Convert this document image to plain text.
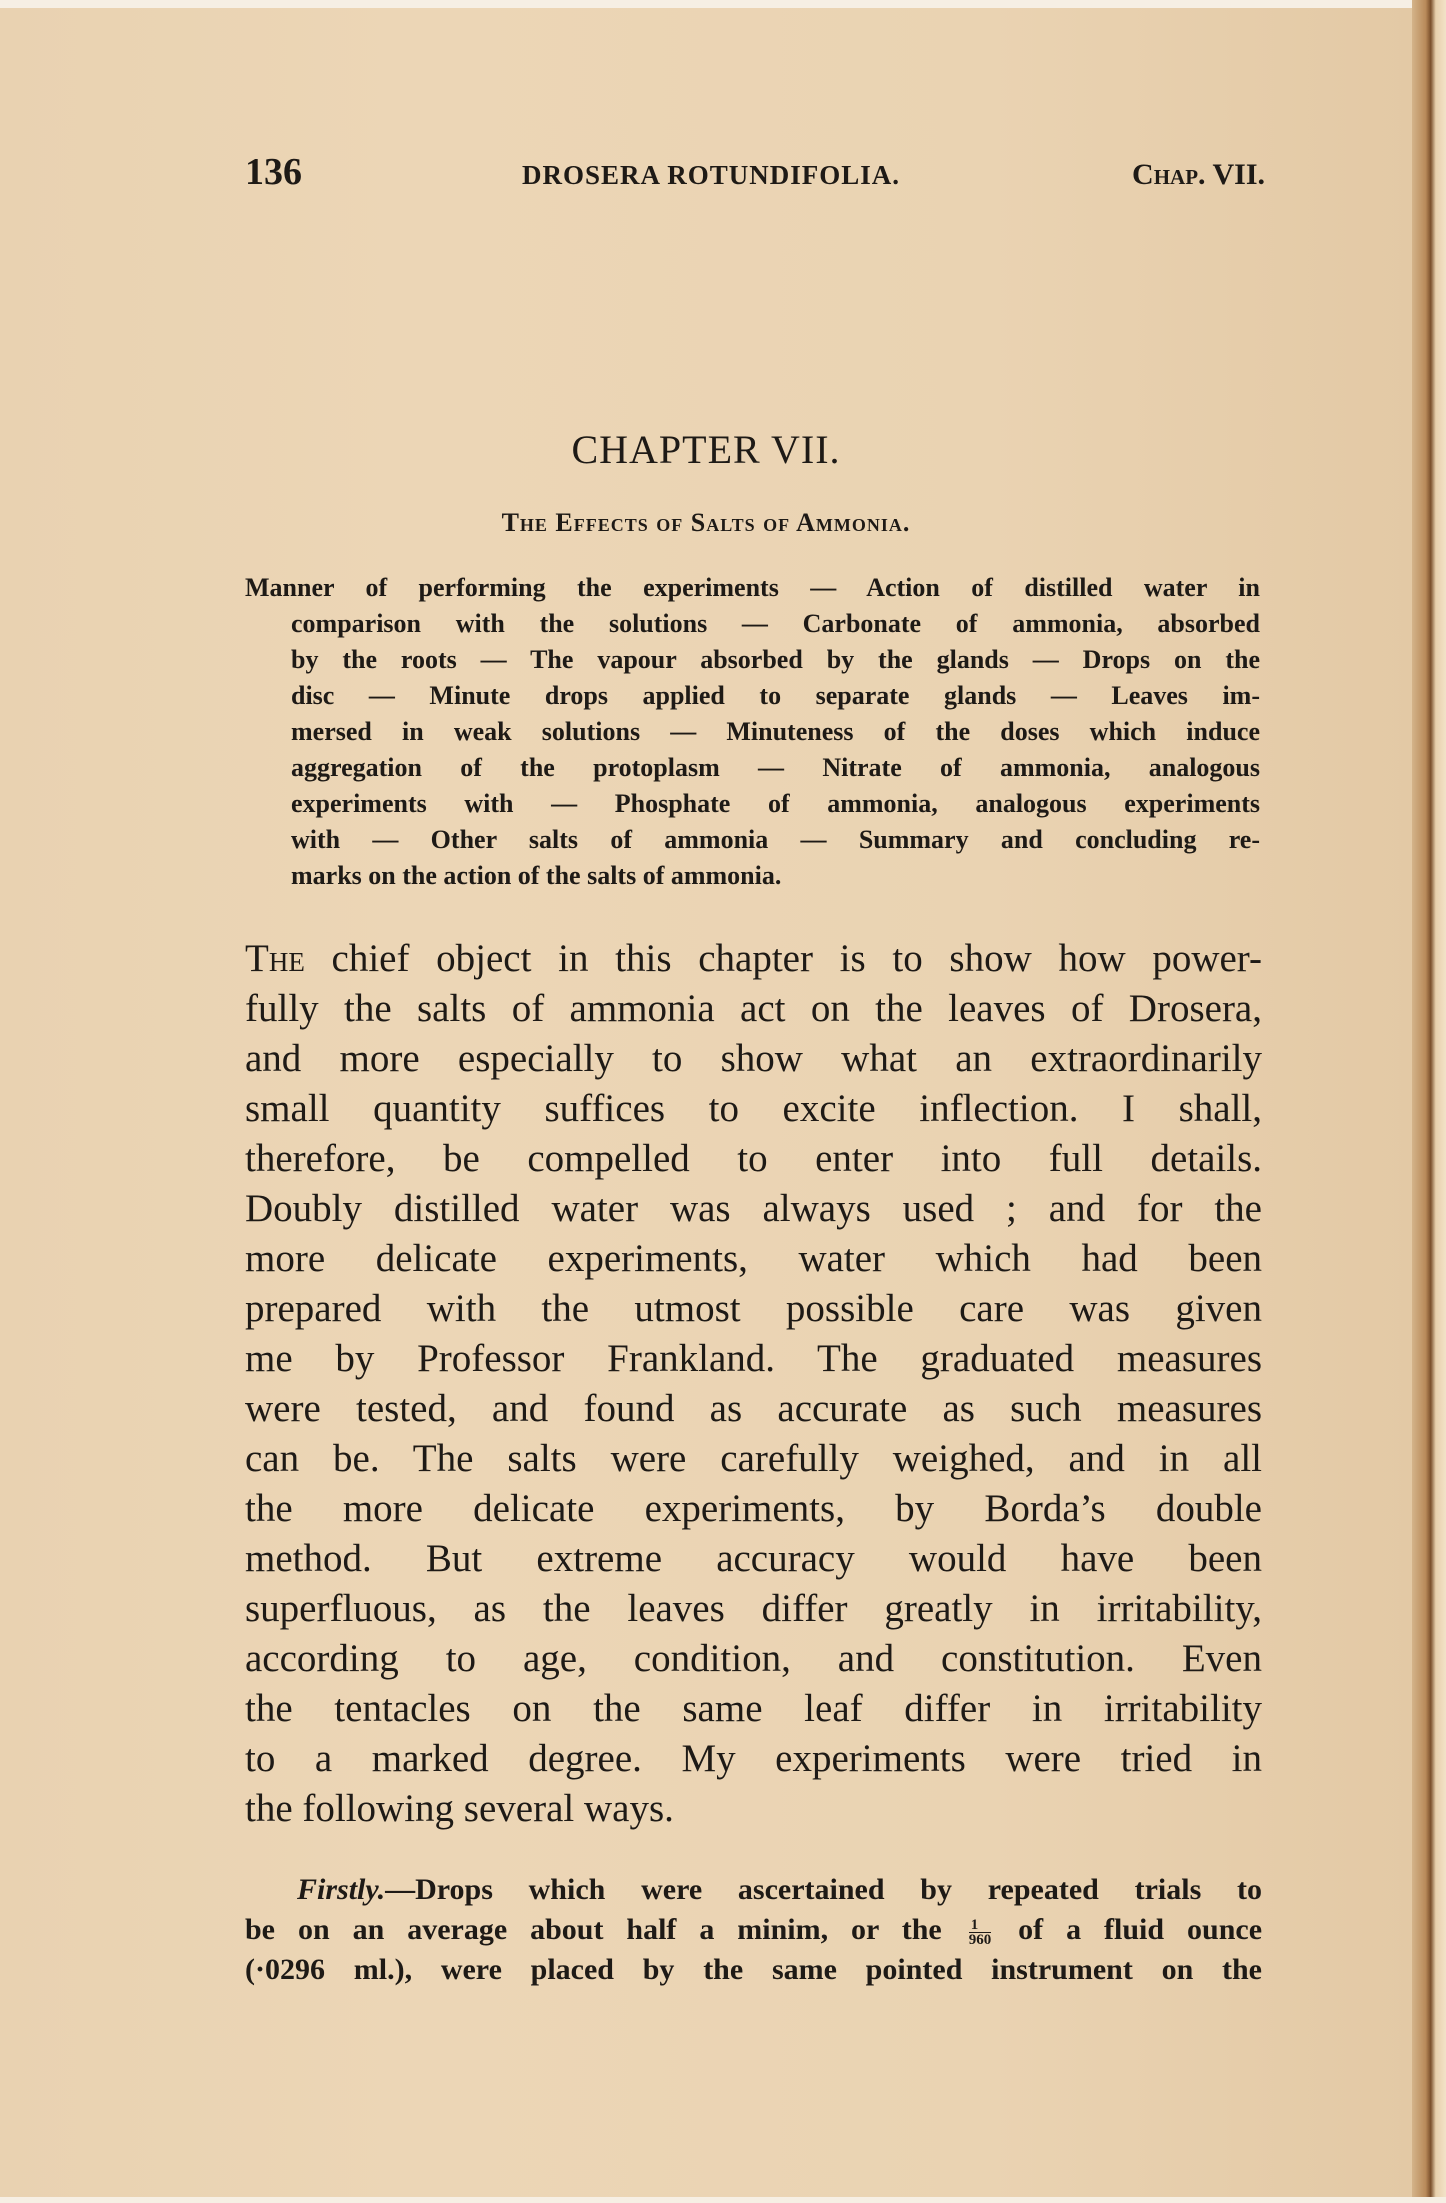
136	DROSERA ROTUNDIFOLIA.	Chap. VII.
CHAPTER VII.
The Effects of Salts of Ammonia.
Manner of performing the experiments — Action of distilled water in
comparison with the solutions — Carbonate of ammonia, absorbed
by the roots — The vapour absorbed by the glands — Drops on the
disc — Minute drops applied to separate glands — Leaves im-
mersed in weak solutions — Minuteness of the doses which induce
aggregation of the protoplasm — Nitrate of ammonia, analogous
experiments with — Phosphate of ammonia, analogous experiments
with — Other salts of ammonia — Summary and concluding re-
marks on the action of the salts of ammonia.
The chief object in this chapter is to show how power-
fully the salts of ammonia act on the leaves of Drosera,
and more especially to show what an extraordinarily
small quantity suffices to excite inflection. I shall,
therefore, be compelled to enter into full details.
Doubly distilled water was always used ; and for the
more delicate experiments, water which had been
prepared with the utmost possible care was given
me by Professor Frankland. The graduated measures
were tested, and found as accurate as such measures
can be. The salts were carefully weighed, and in all
the more delicate experiments, by Borda’s double
method. But extreme accuracy would have been
superfluous, as the leaves differ greatly in irritability,
according to age, condition, and constitution. Even
the tentacles on the same leaf differ in irritability
to a marked degree. My experiments were tried in
the following several ways.
Firstly.—Drops which were ascertained by repeated trials to
be on an average about half a minim, or the $\frac{1}{960}$ of a fluid ounce
(·0296 ml.), were placed by the same pointed instrument on the
